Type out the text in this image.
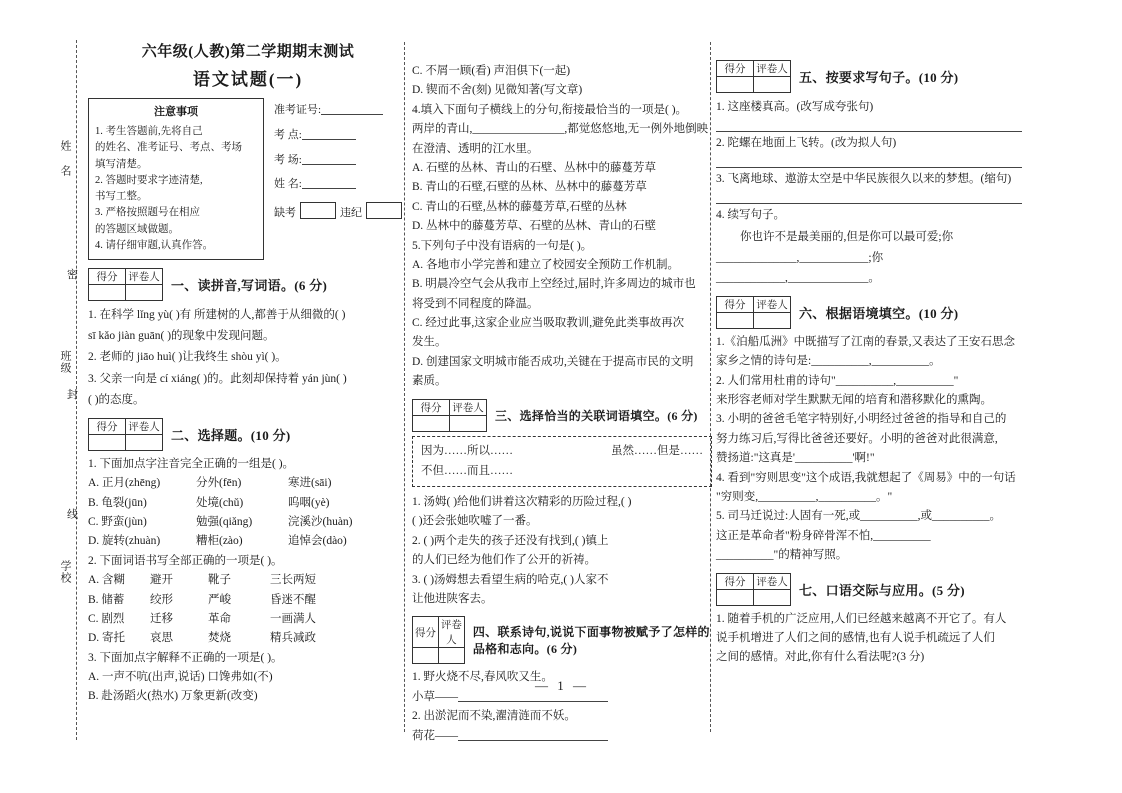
姓 名
班级
学校
密
封
线
六年级(人教)第二学期期末测试
语文试题(一)
注意事项
1. 考生答题前,先将自己
的姓名、准考证号、考点、考场
填写清楚。
2. 答题时要求字迹清楚,
书写工整。
3. 严格按照题号在相应
的答题区域做题。
4. 请仔细审题,认真作答。
准考证号:
考 点:
考 场:
姓 名:
缺考	违纪
得分	评卷人

一、读拼音,写词语。(6 分)

1. 在科学 lǐng yù( )有 所建树的人,都善于从细微的( )

sī kǎo jiàn guān( )的现象中发现问题。

2. 老师的 jiāo huì( )让我终生 shòu yì( )。

3. 父亲一向是 cí xiáng( )的。此刻却保持着 yán jùn( )

( )的态度。

得分	评卷人

二、选择题。(10 分)

1. 下面加点字注音完全正确的一组是( )。

A. 正月(zhēng)	分外(fēn)	寒进(sāi)

B. 龟裂(jūn)	处境(chǔ)	呜咽(yè)

C. 野蛮(jùn)	勉强(qiǎng)	浣溪沙(huàn)

D. 旋转(zhuàn)	糟柜(zào)	追悼会(dào)

2. 下面词语书写全部正确的一项是( )。

A. 含糊 避开	靴子	三长两短

B. 储蓄 绞形	严峻	昏迷不醒

C. 剧烈 迁移	革命	一画满人

D. 寄托 哀思	焚烧	精兵减政

3. 下面加点字解释不正确的一项是( )。

A. 一声不吭(出声,说话) 口馋弗如(不)

B. 赴汤蹈火(热水) 万象更新(改变)

C. 不屑一顾(看) 声泪俱下(一起)

D. 锲而不舍(刻) 见微知著(写文章)

4.填入下面句子横线上的分句,衔接最恰当的一项是( )。

两岸的青山,________________,都觉悠悠地,无一例外地倒映

在澄清、透明的江水里。

A. 石壁的丛林、青山的石壁、丛林中的藤蔓芳草

B. 青山的石壁,石壁的丛林、丛林中的藤蔓芳草

C. 青山的石壁,丛林的藤蔓芳草,石壁的丛林

D. 丛林中的藤蔓芳草、石壁的丛林、青山的石壁

5.下列句子中没有语病的一句是( )。

A. 各地市小学完善和建立了校园安全预防工作机制。

B. 明晨冷空气会从我市上空经过,届时,许多周边的城市也

将受到不同程度的降温。

C. 经过此事,这家企业应当吸取教训,避免此类事故再次

发生。

D. 创建国家文明城市能否成功,关键在于提高市民的文明

素质。

得分	评卷人

三、选择恰当的关联词语填空。(6 分)
因为……所以……	虽然……但是……
不但……而且……

1. 汤姆( )给他们讲着这次精彩的历险过程,( )

( )还会张她吹嘘了一番。

2. ( )两个走失的孩子还没有找到,( )镇上

的人们已经为他们作了公开的祈祷。

3. ( )汤姆想去看望生病的哈克,( )人家不

让他进陕客去。

得分	评卷人

四、联系诗句,说说下面事物被赋予了怎样的品格和志向。(6 分)

1. 野火烧不尽,春风吹又生。

小草——

2. 出淤泥而不染,濯清涟而不妖。

荷花——

— 1 —
得分	评卷人

五、按要求写句子。(10 分)

1. 这座楼真高。(改写成夸张句)

2. 陀螺在地面上飞转。(改为拟人句)

3. 飞离地球、遨游太空是中华民族很久以来的梦想。(缩句)

4. 续写句子。

你也许不是最美丽的,但是你可以最可爱;你

______________,____________;你____________,______________。

得分	评卷人

六、根据语境填空。(10 分)

1.《泊船瓜洲》中既描写了江南的春景,又表达了王安石思念

家乡之情的诗句是:__________,__________。

2. 人们常用杜甫的诗句"__________,__________"

来形容老师对学生默默无闻的培育和潜移默化的熏陶。

3. 小明的爸爸毛笔字特别好,小明经过爸爸的指导和自己的

努力练习后,写得比爸爸还要好。小明的爸爸对此很满意,

赞扬道:"这真是'__________'啊!"

4. 看到"穷则思变"这个成语,我就想起了《周易》中的一句话

"穷则变,__________,__________。"

5. 司马迁说过:人固有一死,或__________,或__________。

这正是革命者"粉身碎骨浑不怕,__________

__________"的精神写照。

得分	评卷人

七、口语交际与应用。(5 分)

1. 随着手机的广泛应用,人们已经越来越离不开它了。有人

说手机增进了人们之间的感情,也有人说手机疏远了人们

之间的感情。对此,你有什么看法呢?(3 分)
